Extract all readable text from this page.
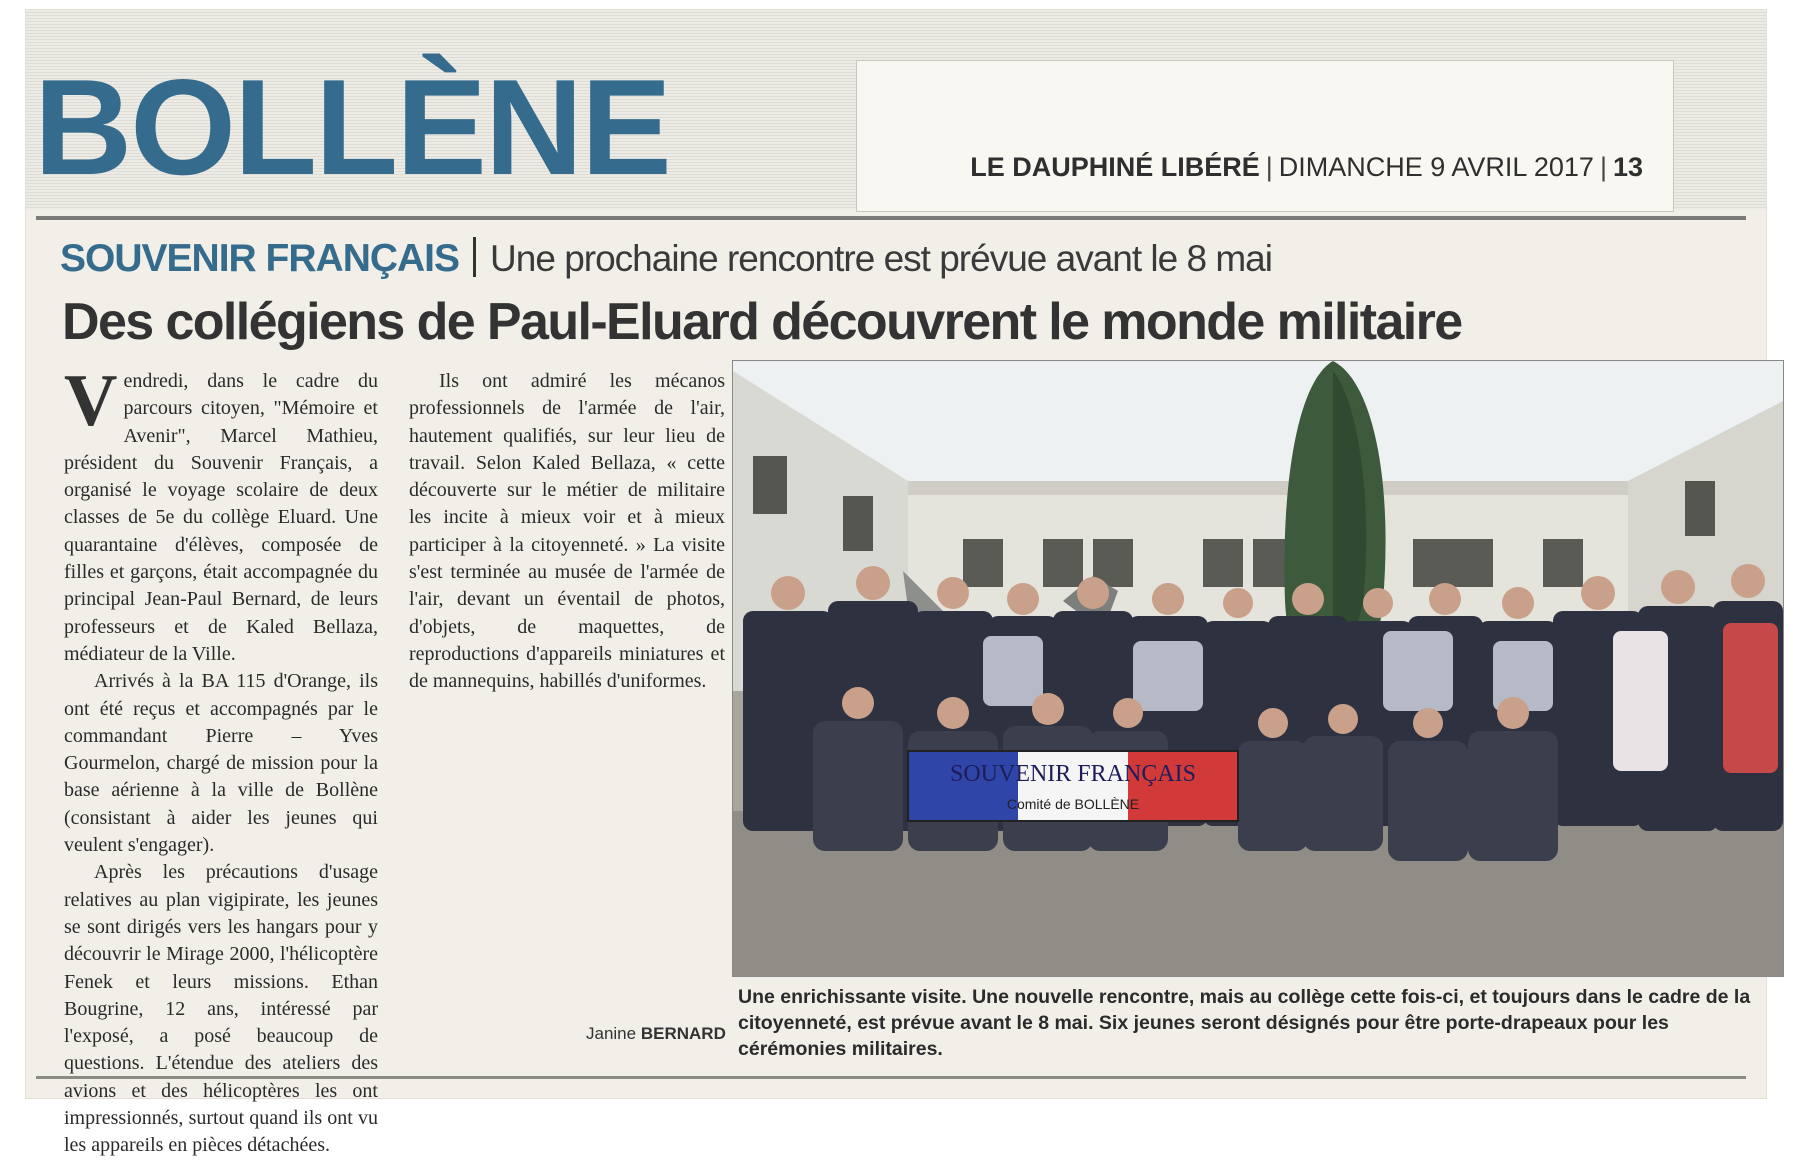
BOLLÈNE	LE DAUPHINÉ LIBÉRÉ | DIMANCHE 9 AVRIL 2017 | 13
SOUVENIR FRANÇAIS Une prochaine rencontre est prévue avant le 8 mai
Des collégiens de Paul-Eluard découvrent le monde militaire

Vendredi, dans le cadre du parcours citoyen, "Mémoire et Avenir", Marcel Mathieu, président du Souvenir Français, a organisé le voyage scolaire de deux classes de 5e du collège Eluard. Une quarantaine d'élèves, composée de filles et garçons, était accompagnée du principal Jean-Paul Bernard, de leurs professeurs et de Kaled Bellaza, médiateur de la Ville.

Arrivés à la BA 115 d'Orange, ils ont été reçus et accompagnés par le commandant Pierre – Yves Gourmelon, chargé de mission pour la base aérienne à la ville de Bollène (consistant à aider les jeunes qui veulent s'engager).

Après les précautions d'usage relatives au plan vigipirate, les jeunes se sont dirigés vers les hangars pour y découvrir le Mirage 2000, l'hélicoptère Fenek et leurs missions. Ethan Bougrine, 12 ans, intéressé par l'exposé, a posé beaucoup de questions. L'étendue des ateliers des avions et des hélicoptères les ont impressionnés, surtout quand ils ont vu les appareils en pièces détachées.

Ils ont admiré les mécanos professionnels de l'armée de l'air, hautement qualifiés, sur leur lieu de travail. Selon Kaled Bellaza, « cette découverte sur le métier de militaire les incite à mieux voir et à mieux participer à la citoyenneté. » La visite s'est terminée au musée de l'armée de l'air, devant un éventail de photos, d'objets, de maquettes, de reproductions d'appareils miniatures et de mannequins, habillés d'uniformes.

Janine BERNARD
SOUVENIR FRANÇAIS
Comité de BOLLÈNE

Une enrichissante visite. Une nouvelle rencontre, mais au collège cette fois-ci, et toujours dans le cadre de la citoyenneté, est prévue avant le 8 mai. Six jeunes seront désignés pour être porte-drapeaux pour les cérémonies militaires.
